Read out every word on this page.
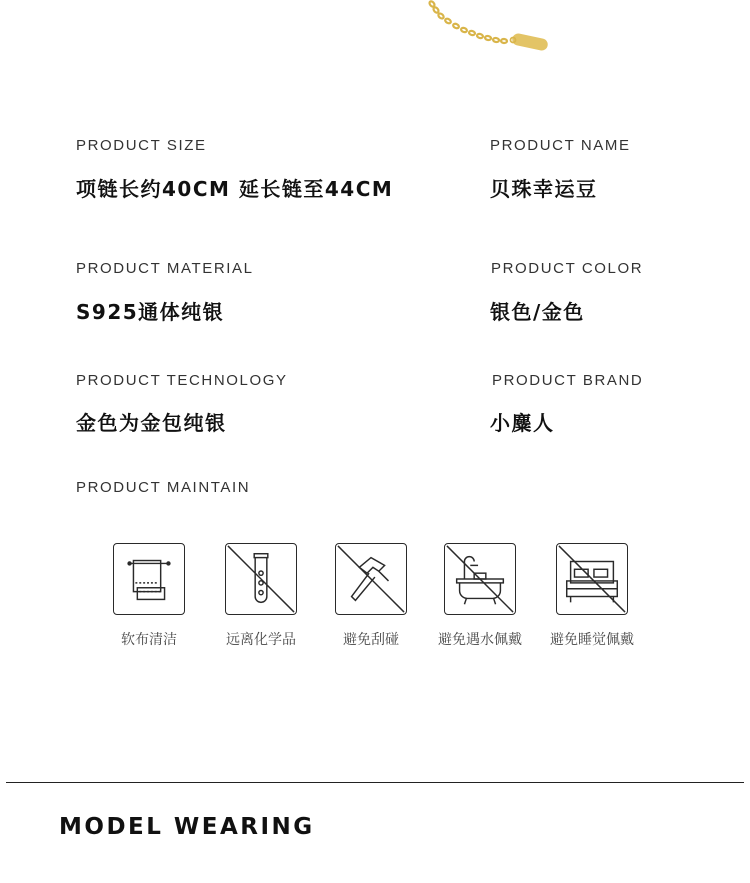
PRODUCT SIZE
项链长约40CM 延长链至44CM
PRODUCT NAME
贝珠幸运豆
PRODUCT MATERIAL
S925通体纯银
PRODUCT COLOR
银色/金色
PRODUCT TECHNOLOGY
金色为金包纯银
PRODUCT BRAND
小麋人
PRODUCT MAINTAIN
软布清洁	远离化学品	避免刮碰	避免遇水佩戴	避免睡觉佩戴
MODEL WEARING
